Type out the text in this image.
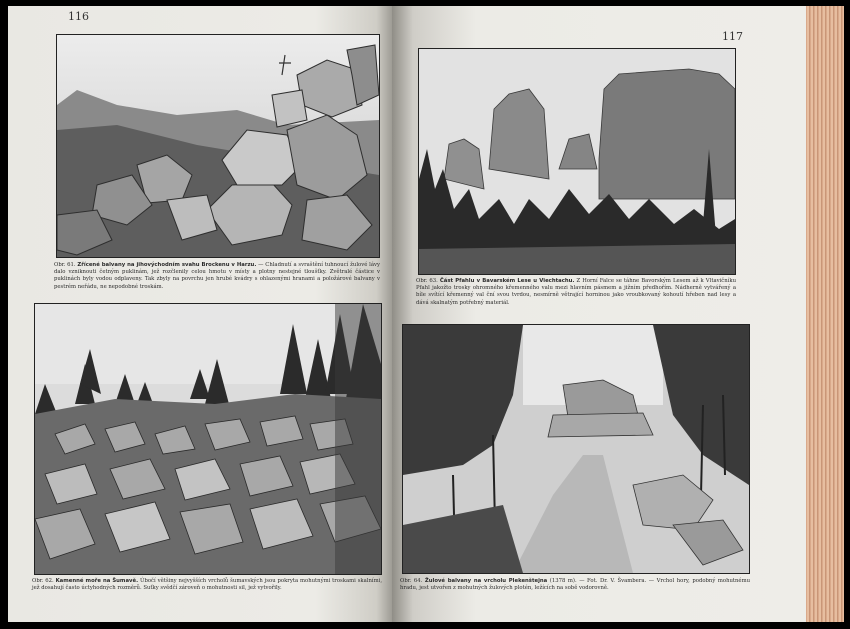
116
Obr. 61. Zřícené balvany na jihovýchodním svahu Brockenu v Harzu. — Chladnutí a svraštění tuhnoucí žulové lávy dalo vzniknouti četným puklinám, jež rozčlenily celou hmotu v místy a plotny nestejné tloušťky. Zvětralé částice v puklinách byly vodou odplaveny. Tak zbyly na povrchu jen hrubé kvádry s ohlazenými hranami a položárové balvany v pestrém neřádu, ne nepodobné troskám.
Obr. 62. Kamenné moře na Šumavě. Úbočí většiny nejvyšších vrcholů šumavských jsou pokryta mohutnými troskami skalními, jež dosahují často úctyhodných rozměrů. Suťky svědčí zároveň o mohutnosti sil, jež vytvořily.
117
Obr. 63. Část Pfahlu v Bavarském Lese u Viechtachu. Z Horní Falce se táhne Bavorským Lesem až k Vltavičníku Pfahl jakožto trosky ohromného křemenného valu mezi hlavním pásmem a jižním předhořím. Nádherně vytvářený a bíle svítící křemenný val ční svou tvrdou, nesmírně větrající horninou jako vroubkovaný kohoutí hřeben nad lesy a dává skalnatým potřebný materiál.
Obr. 64. Žulové balvany na vrcholu Plekenštejna (1378 m). — Fot. Dr. V. Švambera. — Vrchol hory, podobný mohutnému hradu, jest utvořen z mohutných žulových plotén, ležících na sobě vodorovně.
